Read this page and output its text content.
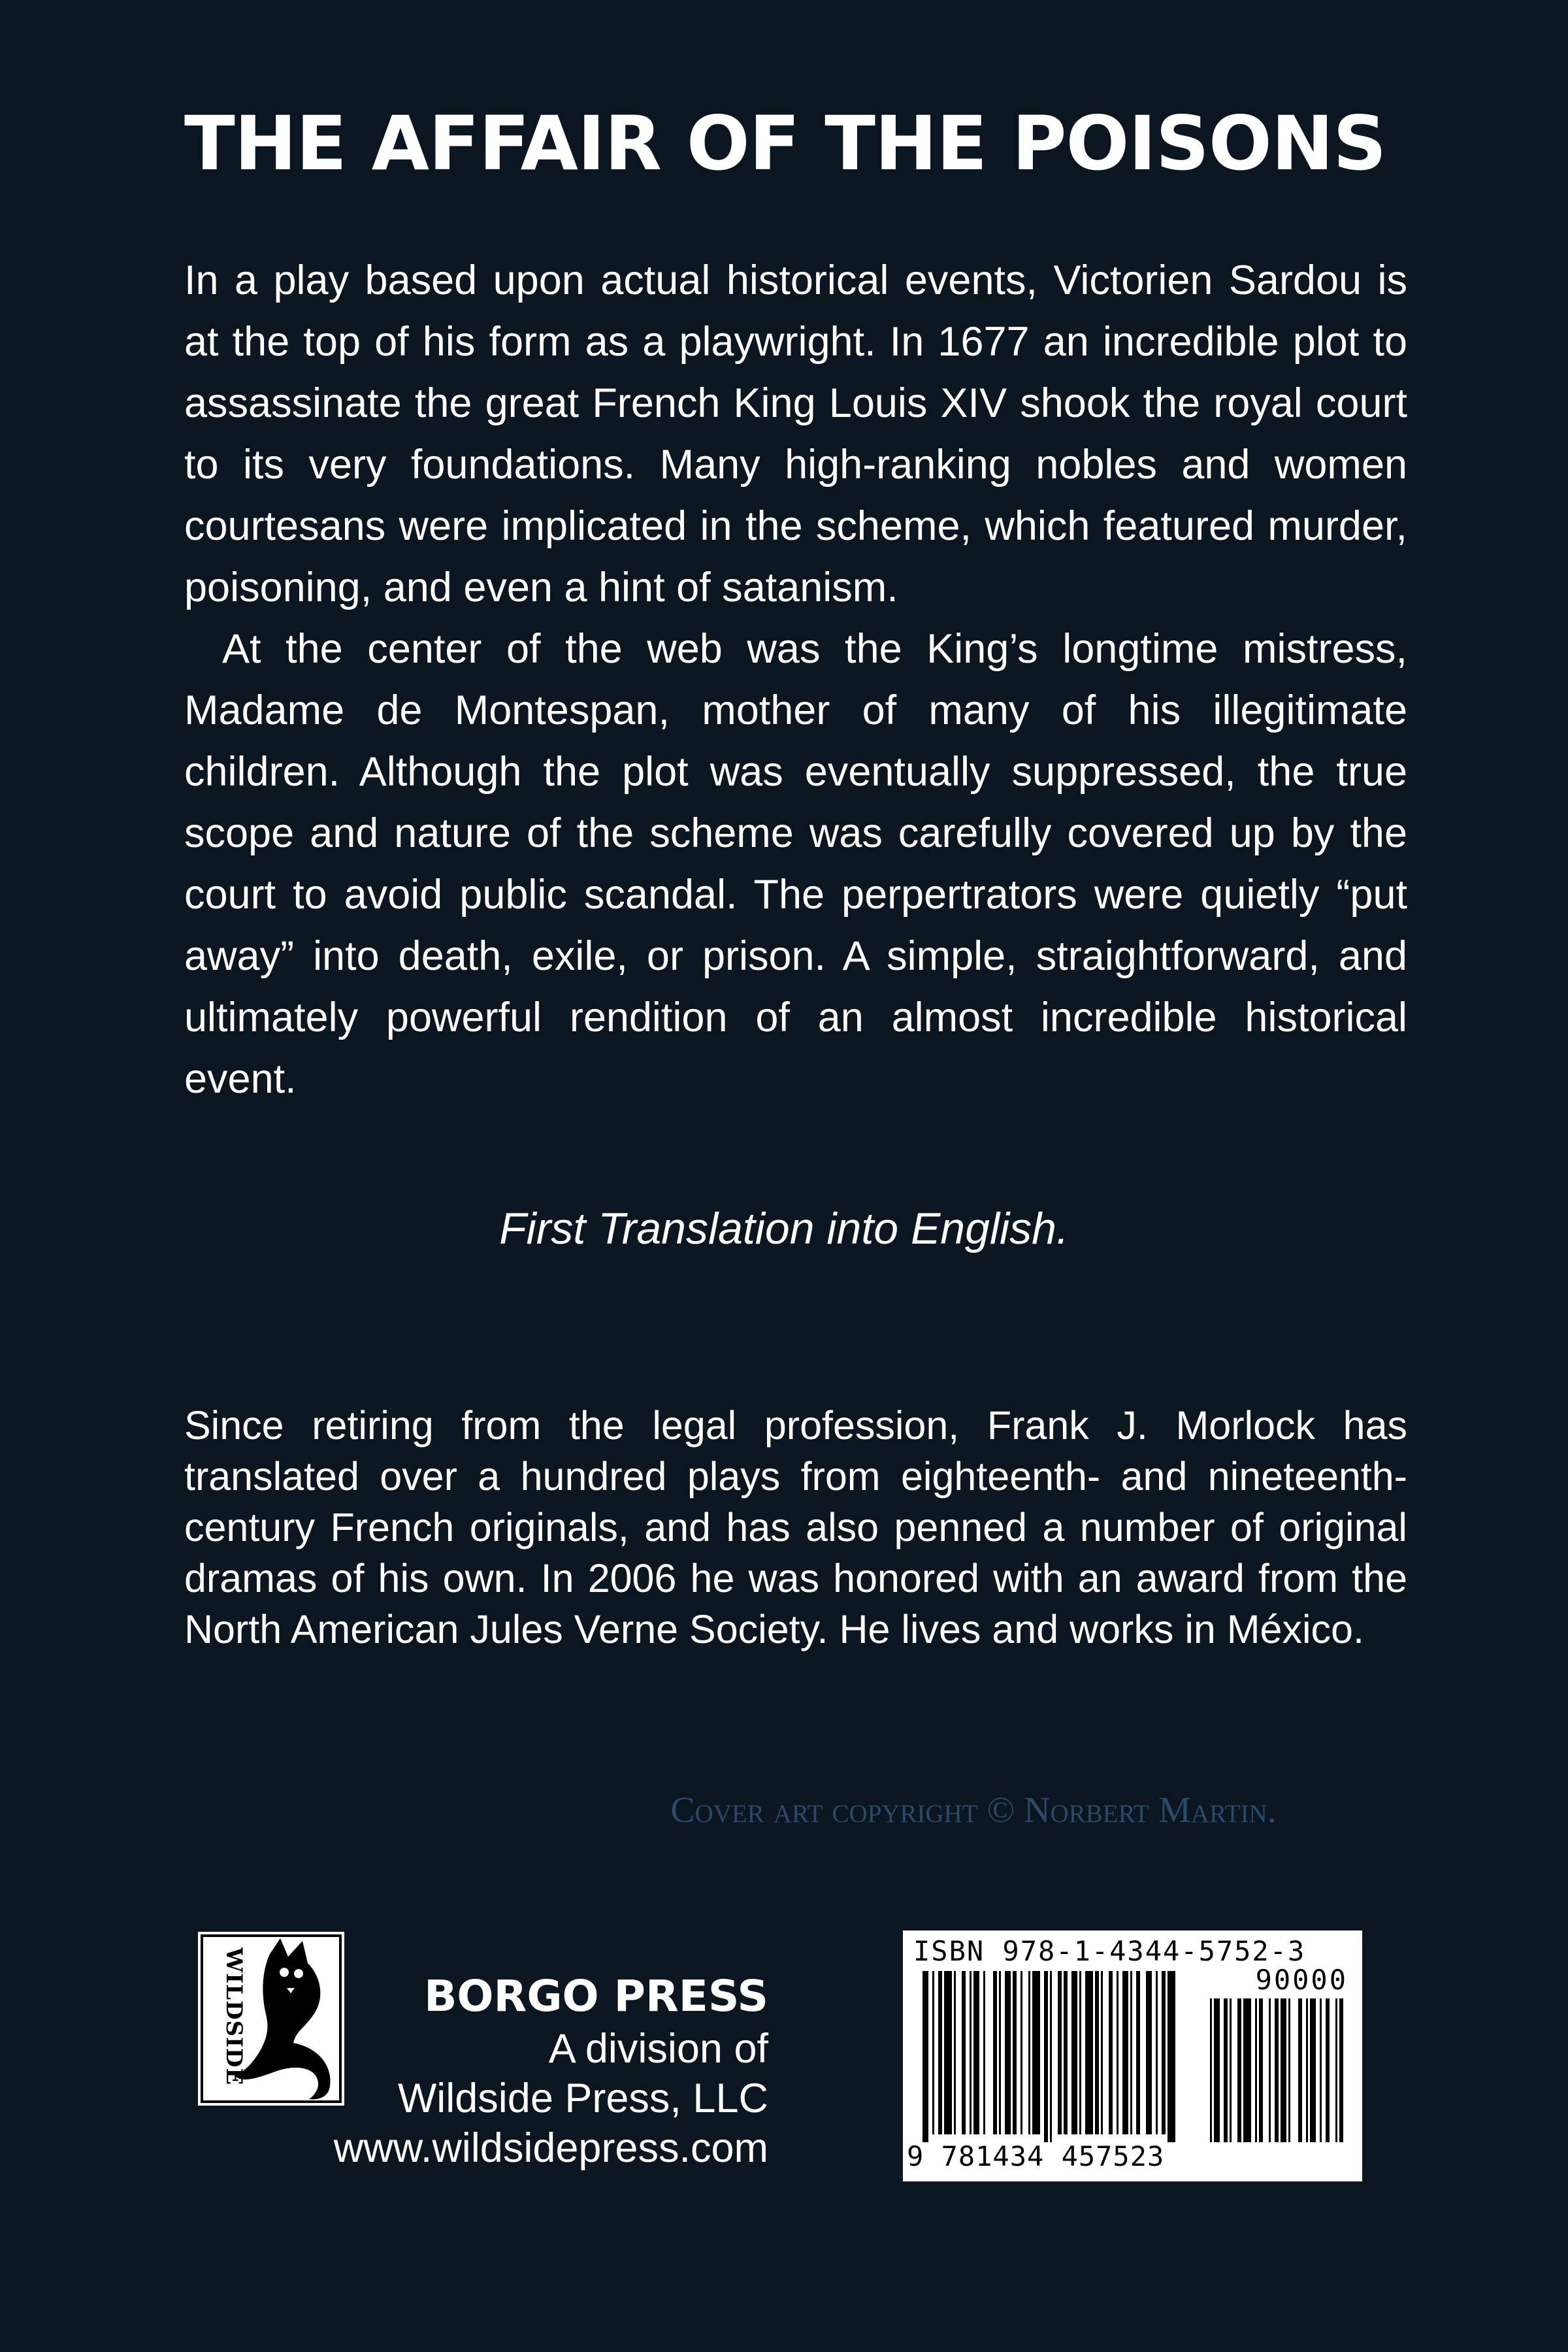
THE AFFAIR OF THE POISONS

In a play based upon actual historical events, Victorien Sardou is at the top of his form as a playwright. In 1677 an incredible plot to assassinate the great French King Louis XIV shook the royal court to its very foundations. Many high-ranking nobles and women courtesans were implicated in the scheme, which featured murder, poisoning, and even a hint of satanism.

At the center of the web was the King’s longtime mistress, Madame de Montespan, mother of many of his illegitimate children. Although the plot was eventually suppressed, the true scope and nature of the scheme was carefully covered up by the court to avoid public scandal. The perpertrators were quietly “put away” into death, exile, or prison. A simple, straightforward, and ultimately powerful rendition of an almost incredible historical event.

First Translation into English.

Since retiring from the legal profession, Frank J. Morlock has translated over a hundred plays from eighteenth- and nineteenth-century French originals, and has also penned a number of original dramas of his own. In 2006 he was honored with an award from the North American Jules Verne Society. He lives and works in México.

Cover art copyright © Norbert Martin.
WILDSIDE	BORGO PRESS
A division of
Wildside Press, LLC
www.wildsidepress.com
ISBN 978-1-4344-5752-3
90000
9 781434 457523
